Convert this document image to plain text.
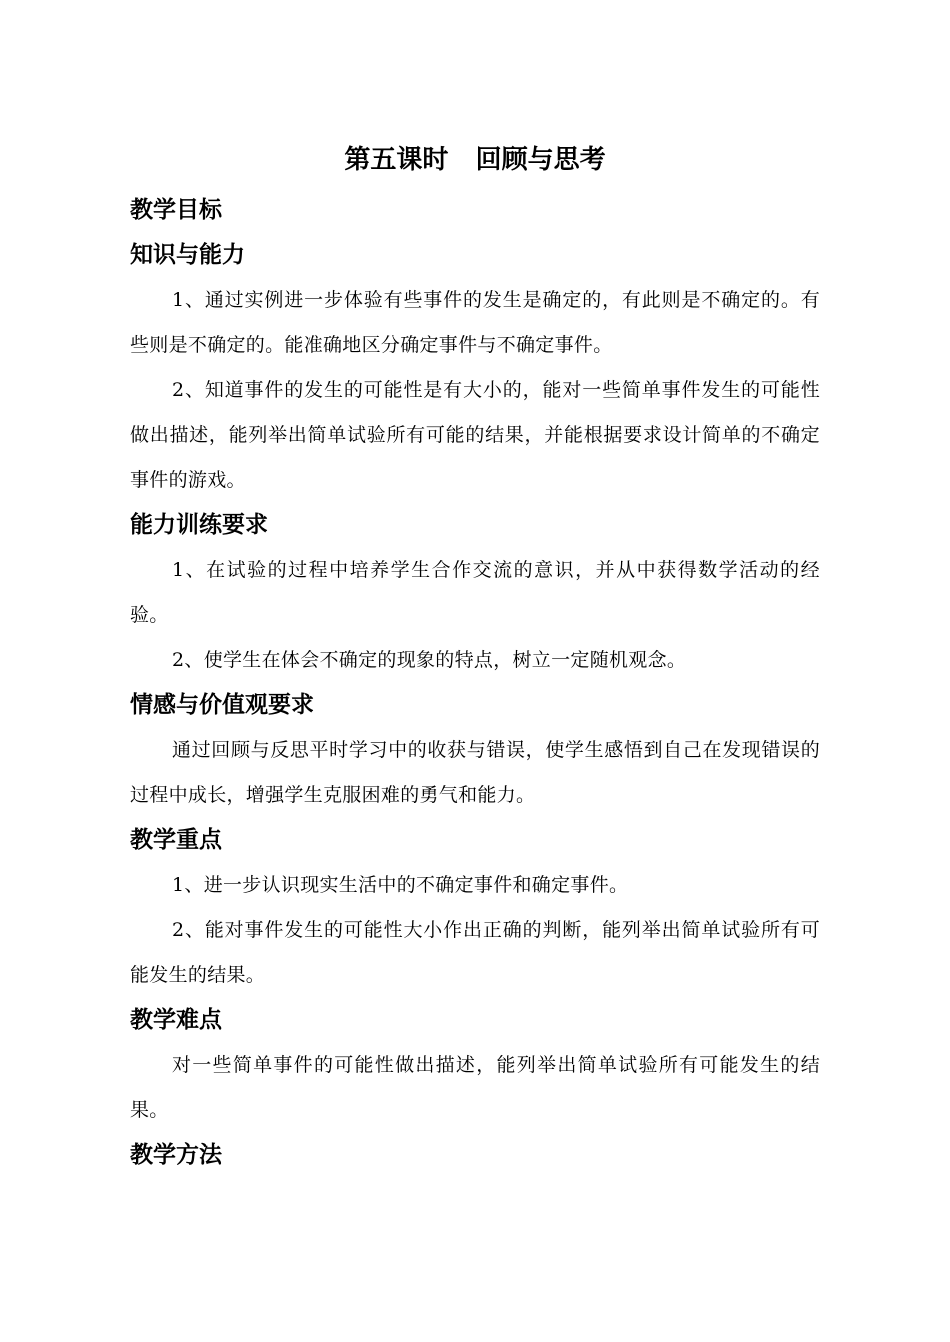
第五课时   回顾与思考
教学目标
知识与能力

1、通过实例进一步体验有些事件的发生是确定的，有此则是不确定的。有些则是不确定的。能准确地区分确定事件与不确定事件。

2、知道事件的发生的可能性是有大小的，能对一些简单事件发生的可能性做出描述，能列举出简单试验所有可能的结果，并能根据要求设计简单的不确定事件的游戏。

能力训练要求

1、在试验的过程中培养学生合作交流的意识，并从中获得数学活动的经验。

2、使学生在体会不确定的现象的特点，树立一定随机观念。

情感与价值观要求

通过回顾与反思平时学习中的收获与错误，使学生感悟到自己在发现错误的过程中成长，增强学生克服困难的勇气和能力。

教学重点

1、进一步认识现实生活中的不确定事件和确定事件。

2、能对事件发生的可能性大小作出正确的判断，能列举出简单试验所有可能发生的结果。

教学难点

对一些简单事件的可能性做出描述，能列举出简单试验所有可能发生的结果。

教学方法
